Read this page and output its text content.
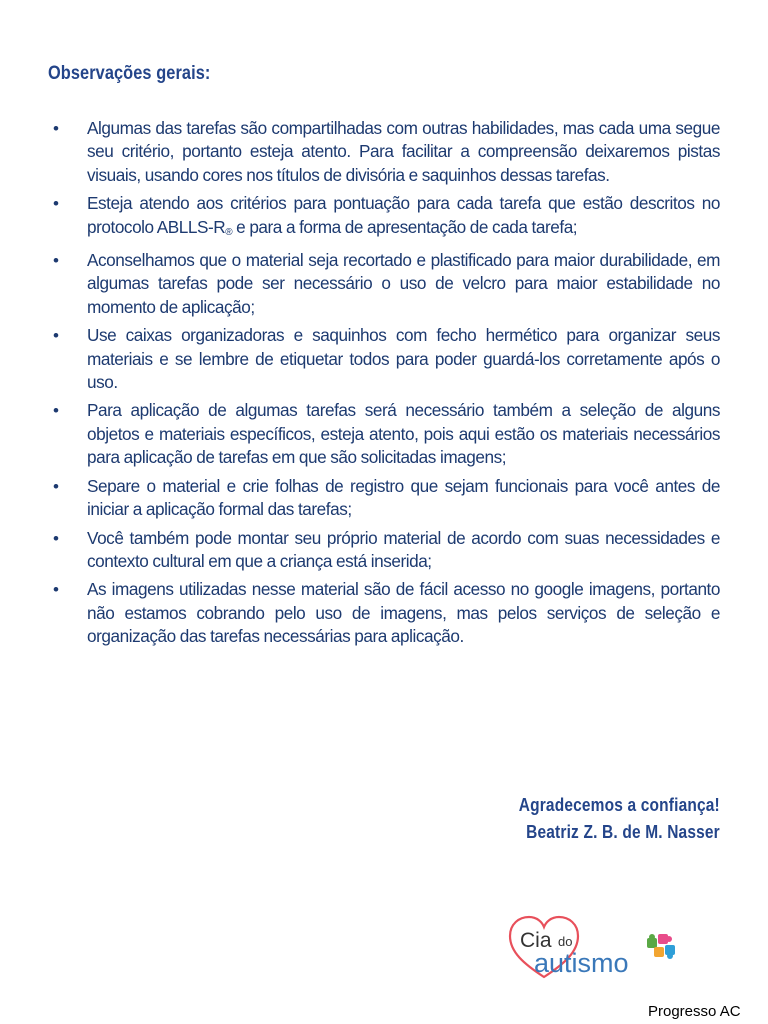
Observações gerais:
• Algumas das tarefas são compartilhadas com outras habilidades, mas cada uma segue seu critério, portanto esteja atento. Para facilitar a compreensão deixaremos pistas visuais, usando cores nos títulos de divisória e saquinhos dessas tarefas.
• Esteja atendo aos critérios para pontuação para cada tarefa que estão descritos no protocolo ABLLS-R® e para a forma de apresentação de cada tarefa;
• Aconselhamos que o material seja recortado e plastificado para maior durabilidade, em algumas tarefas pode ser necessário o uso de velcro para maior estabilidade no momento de aplicação;
• Use caixas organizadoras e saquinhos com fecho hermético para organizar seus materiais e se lembre de etiquetar todos para poder guardá-los corretamente após o uso.
• Para aplicação de algumas tarefas será necessário também a seleção de alguns objetos e materiais específicos, esteja atento, pois aqui estão os materiais necessários para aplicação de tarefas em que são solicitadas imagens;
• Separe o material e crie folhas de registro que sejam funcionais para você antes de iniciar a aplicação formal das tarefas;
• Você também pode montar seu próprio material de acordo com suas necessidades e contexto cultural em que a criança está inserida;
• As imagens utilizadas nesse material são de fácil acesso no google imagens, portanto não estamos cobrando pelo uso de imagens, mas pelos serviços de seleção e organização das tarefas necessárias para aplicação.
Agradecemos a confiança!
Beatriz Z. B. de M. Nasser
Cia do
autismo
Progresso AC
